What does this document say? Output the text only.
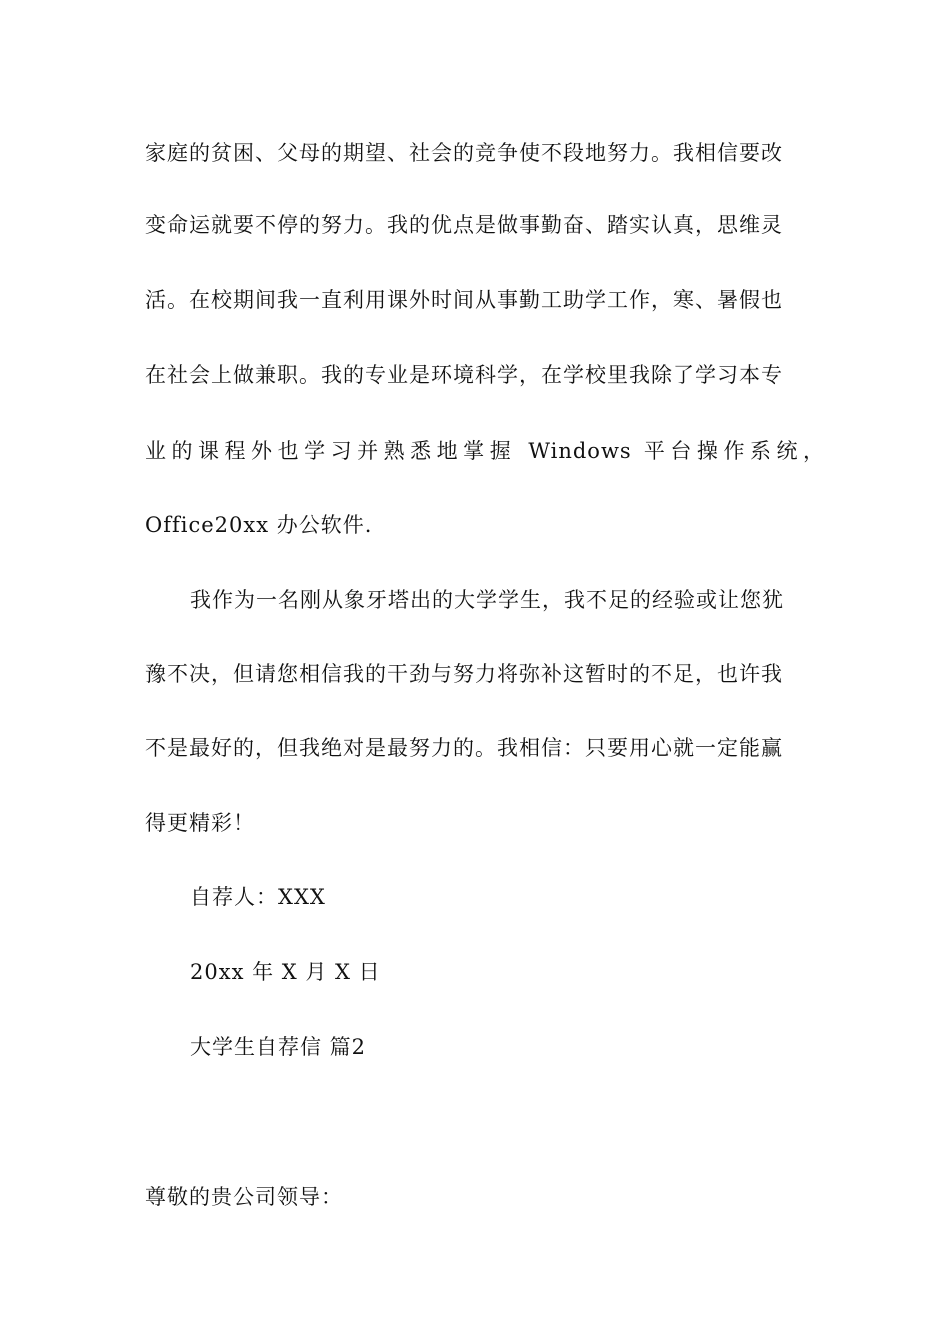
家庭的贫困、父母的期望、社会的竞争使不段地努力。我相信要改
变命运就要不停的努力。我的优点是做事勤奋、踏实认真，思维灵
活。在校期间我一直利用课外时间从事勤工助学工作，寒、暑假也
在社会上做兼职。我的专业是环境科学，在学校里我除了学习本专
业的课程外也学习并熟悉地掌握 Windows 平台操作系统，
Office20xx 办公软件.
我作为一名刚从象牙塔出的大学学生，我不足的经验或让您犹
豫不决，但请您相信我的干劲与努力将弥补这暂时的不足，也许我
不是最好的，但我绝对是最努力的。我相信：只要用心就一定能赢
得更精彩！
自荐人：XXX
20xx 年 X 月 X 日
大学生自荐信 篇2
尊敬的贵公司领导：
